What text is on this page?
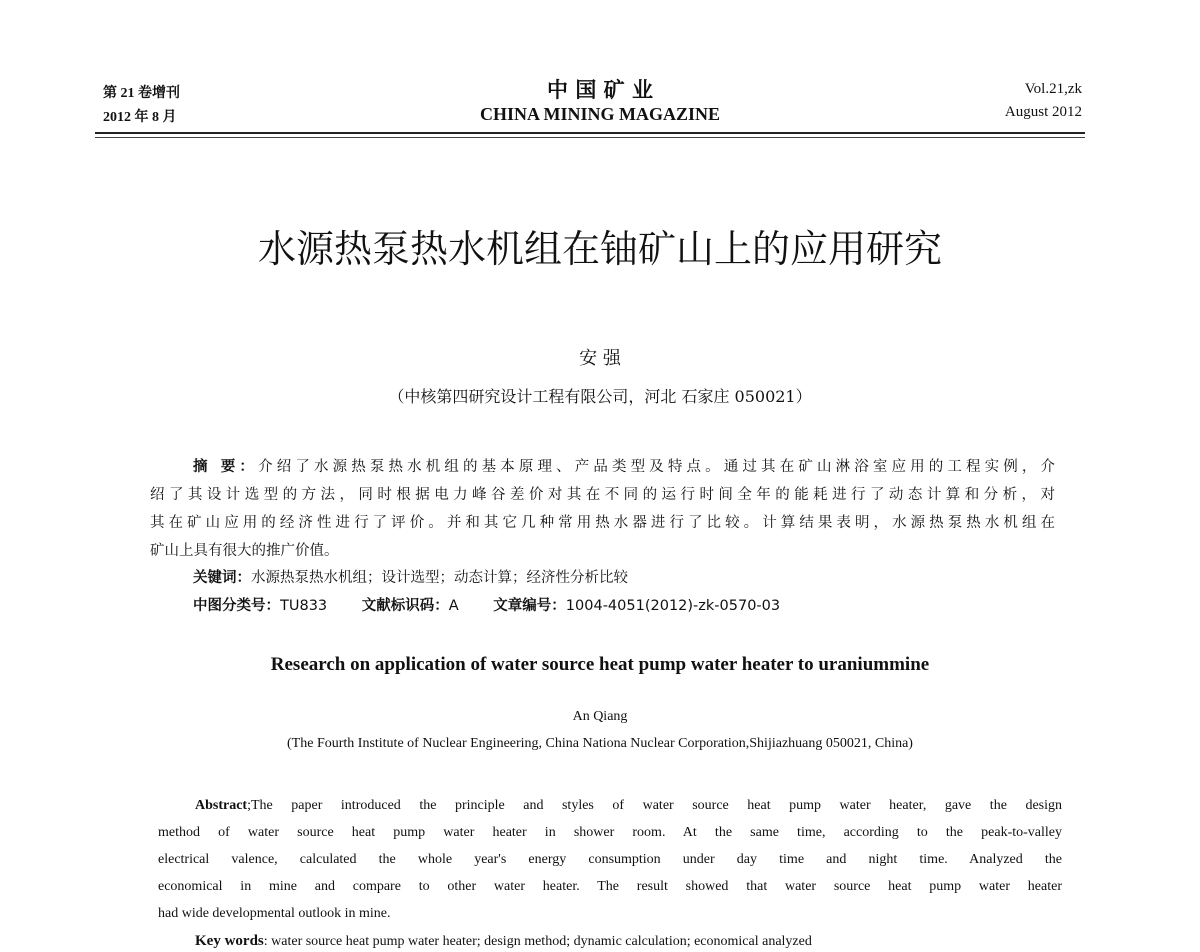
第 21 卷增刊
2012 年 8 月
中 国 矿 业
CHINA MINING MAGAZINE
Vol.21,zk
August 2012
水源热泵热水机组在铀矿山上的应用研究
安 强
（中核第四研究设计工程有限公司，河北 石家庄 050021）
摘 要：介绍了水源热泵热水机组的基本原理、产品类型及特点。通过其在矿山淋浴室应用的工程实例，介
绍了其设计选型的方法，同时根据电力峰谷差价对其在不同的运行时间全年的能耗进行了动态计算和分析，对
其在矿山应用的经济性进行了评价。并和其它几种常用热水器进行了比较。计算结果表明，水源热泵热水机组在
矿山上具有很大的推广价值。
关键词：水源热泵热水机组；设计选型；动态计算；经济性分析比较
中图分类号：TU833 文献标识码：A 文章编号：1004-4051(2012)-zk-0570-03
Research on application of water source heat pump water heater to uraniummine
An Qiang
(The Fourth Institute of Nuclear Engineering, China Nationa Nuclear Corporation,Shijiazhuang 050021, China)
Abstract;The paper introduced the principle and styles of water source heat pump water heater, gave the design
method of water source heat pump water heater in shower room. At the same time, according to the peak-to-valley
electrical valence, calculated the whole year's energy consumption under day time and night time. Analyzed the
economical in mine and compare to other water heater. The result showed that water source heat pump water heater
had wide developmental outlook in mine.
Key words: water source heat pump water heater; design method; dynamic calculation; economical analyzed
